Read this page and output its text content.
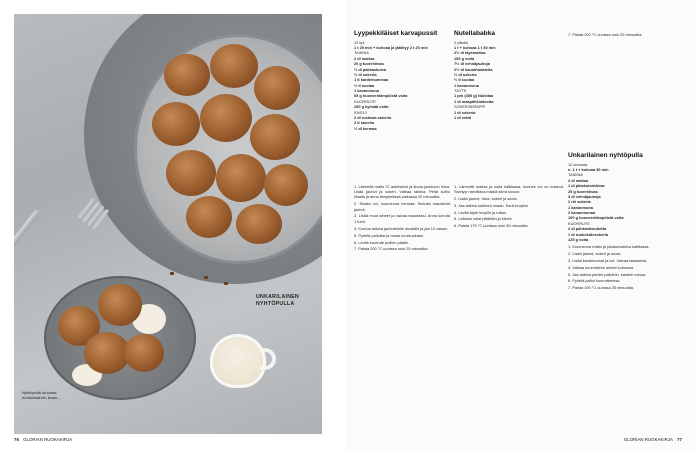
UNKARILAINEN NYHTÖPULLA
Nyhtöpulla kruunaa nuotionkahvit, kiuas...
76 GLORIAN RUOKAKIRJA
Lyypekkiläiset karvapussit
12 kpl
1 t 25 min + kohoaa ja jäähtyy 2 t 20 min
TAIKINA
2 dl maitoa
20 g tuorehiivaa
½ dl pakkaskuiva
½ dl sokeria
1 tl kardemummaa
½ tl suolaa
1 kananmuna
65 g huoneenlämpöistä voita
KUORRUTE
250 g kylmää voita
SIVELY
2 dl ruskeaa sokeria
2 tl kanelia
½ dl kermaa
1. Lämmitä maito 37-asteiseksi ja liuota joukkoon hiiva. Lisää jauhot ja sokeri. Vatkaa taikina. Peitä kulho liinalla ja anna lämpimässä paikassa 20 minuuttia.
2. Sulata voi, kuumenna kermaa. Sekoita maustetut jauhot.
3. Lisää muut aineet ja vaivaa tasaiseksi. Anna kohota 1 tunti.
4. Kumoa taikina jauhotetulle alustalle ja jaa 12 osaan.
5. Pyöritä palloiksi ja nosta uunivuokaan.
6. Levitä kuorrute pullien päälle.
7. Paista 200 °C uunissa noin 25 minuuttia.
Nutellababka
2 pitkää
1 t + kohoaa 1 t 30 min
2½ dl täysmaitoa
150 g voita
7½ dl vehnäjauhoja
2½ dl kaurahiutaleita
½ dl sokeria
½ tl suolaa
1 kananmuna
TÄYTE
1 prk (350 g) Nutellaa
1 dl maapähkinävoita
SOKERISIIRAPPI
1 dl sokeria
1 dl vettä
1. Lämmitä maitoa ja voita kattilassa, kunnes voi on sulanut. Sivelyyn tarvittava määrä siirrä sivuun.
2. Lisää jauhot, hiiva, sokeri ja suola.
3. Jaa taikina kahteen osaan. Kauli levyiksi.
4. Levitä täyte levyille ja rullaa.
5. Leikkaa rullat pitkittäin ja kierrä.
6. Paista 175 °C uunissa noin 35 minuuttia.
7. Paista 200 °C uunissa noin 25 minuuttia.
Unkarilainen nyhtöpulla
12 annosta
n. 1 t + kohoaa 50 min
TAIKINA
2 dl maitoa
1 dl pikakuivahiivaa
25 g tuorehiivaa
3 dl vehnäjauhoja
2 rkl sokeria
1 kananmuna
2 kananmunaa
100 g huoneenlämpöistä voita
KUORRUTE
2 dl pähkinärouhetta
1 dl ruokokidesokeria
125 g voita
1. Kuumenna maito ja pikakuivahiiva kattilassa.
2. Lisää jauhot, sokeri ja suola.
3. Lisää kananmunat ja voi. Vaivaa tasaiseksi.
4. Vatkaa kuorrutteen aineet kulhossa.
5. Jaa taikina pieniin palloihin, kastele voissa.
6. Pyöritä pallot kuorrutteessa.
7. Paista 190 °C uunissa 35 minuuttia.
GLORIAN RUOKAKIRJA 77
